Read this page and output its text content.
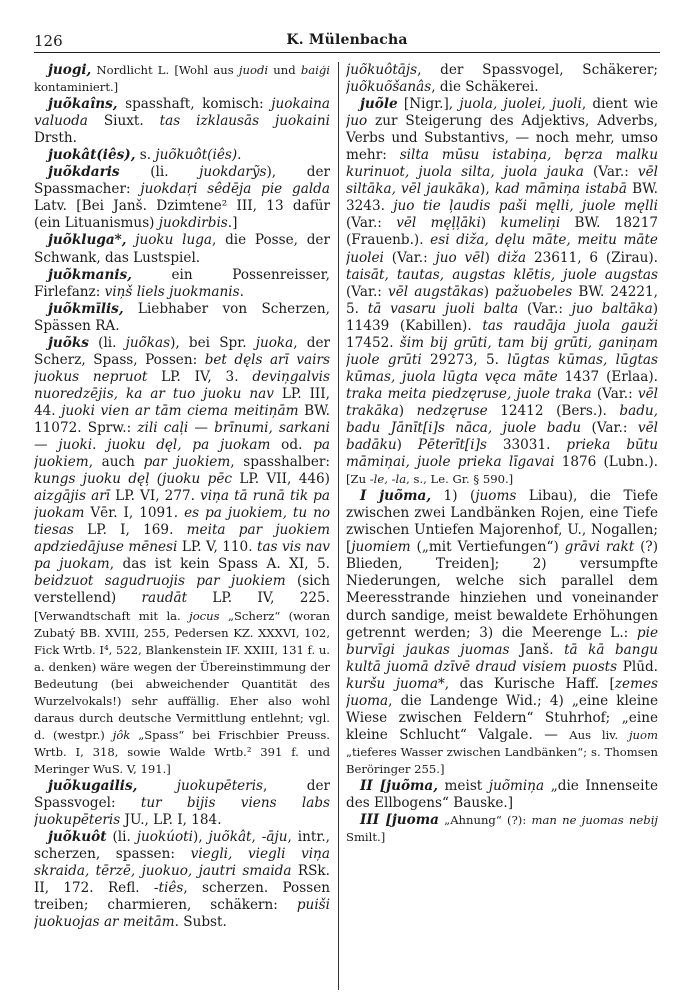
126	K. Mülenbacha

juogi, Nordlicht L. [Wohl aus juodi und baiģi kontaminiert.]

juõkaîns, spasshaft, komisch: juokaina valuoda Siuxt. tas izklausās juokaini Drsth.

juokât(iês), s. juõkuôt(iês).

juõkdaris (li. juokdarỹs), der Spassmacher: juokdaŗi sêdēja pie galda Latv. [Bei Janš. Dzimtene² III, 13 dafür (ein Lituanismus) juokdirbis.]

juõkluga*, juoku luga, die Posse, der Schwank, das Lustspiel.

juõkmanis, ein Possenreisser, Firlefanz: viņš liels juokmanis.

juõkmīlis, Liebhaber von Scherzen, Spässen RA.

juõks (li. juõkas), bei Spr. juoka, der Scherz, Spass, Possen: bet dęls arī vairs juokus nepruot LP. IV, 3. deviņgalvis nuoredzējis, ka ar tuo juoku nav LP. III, 44. juoki vien ar tām ciema meitiņām BW. 11072. Sprw.: zili caļi — brīnumi, sarkani — juoki. juoku dęl, pa juokam od. pa juokiem, auch par juokiem, spasshalber: kungs juoku dęļ (juoku pēc LP. VII, 446) aizgājis arī LP. VI, 277. viņa tā runā tik pa juokam Vēr. I, 1091. es pa juokiem, tu no tiesas LP. I, 169. meita par juokiem apdziedājuse mēnesi LP. V, 110. tas vis nav pa juokam, das ist kein Spass A. XI, 5. beidzuot sagudruojis par juokiem (sich verstellend) raudāt LP. IV, 225. [Verwandtschaft mit la. jocus „Scherz“ (woran Zubatý BB. XVIII, 255, Pedersen KZ. XXXVI, 102, Fick Wrtb. I⁴, 522, Blankenstein IF. XXIII, 131 f. u. a. denken) wäre wegen der Übereinstimmung der Bedeutung (bei abweichender Quantität des Wurzelvokals!) sehr auffällig. Eher also wohl daraus durch deutsche Vermittlung entlehnt; vgl. d. (westpr.) jôk „Spass“ bei Frischbier Preuss. Wrtb. I, 318, sowie Walde Wrtb.² 391 f. und Meringer WuS. V, 191.]

juõkugailis,	juokupēteris, der Spassvogel: tur bijis viens labs juokupēteris JU., LP. I, 184.

juõkuôt (li. juokúoti), juõkât, -āju, intr., scherzen, spassen: viegli, viegli viņa skraida, tērzē, juokuo, jautri smaida RSk. II, 172. Refl. -tiês, scherzen. Possen treiben; charmieren, schäkern: puiši juokuojas ar meitām. Subst.

juõkuôtājs, der Spassvogel, Schäkerer; juõkuõšanâs, die Schäkerei.

juõle [Nigr.], juola, juolei, juoli, dient wie juo zur Steigerung des Adjektivs, Adverbs, Verbs und Substantivs, — noch mehr, umso mehr: silta mūsu istabiņa, bęrza malku kurinuot, juola silta, juola jauka (Var.: vēl siltāka, vēl jaukāka), kad māmiņa istabā BW. 3243. juo tie ļaudis paši męlli, juole męlli (Var.: vēl męļļāki) kumeliņi BW. 18217 (Frauenb.). esi diža, dęlu māte, meitu māte juolei (Var.: juo vēl) diža 23611, 6 (Zirau). taisāt, tautas, augstas klētis, juole augstas (Var.: vēl augstākas) pažuobeles BW. 24221, 5. tā vasaru juoli balta (Var.: juo baltāka) 11439 (Kabillen). tas raudāja juola gauži 17452. šim bij grūti, tam bij grūti, ganiņam juole grūti 29273, 5. lūgtas kūmas, lūgtas kūmas, juola lūgta vęca māte 1437 (Erlaa). traka meita piedzęruse, juole traka (Var.: vēl trakāka) nedzęruse 12412 (Bers.). badu, badu Jānīt[i]s nāca, juole badu (Var.: vēl badāku) Pēterīt[i]s 33031. prieka būtu māmiņai, juole prieka līgavai 1876 (Lubn.). [Zu -le, -la, s., Le. Gr. § 590.]

I juõma, 1) (juoms Libau), die Tiefe zwischen zwei Landbänken Rojen, eine Tiefe zwischen Untiefen Majorenhof, U., Nogallen; [juomiem („mit Vertiefungen“) grāvi rakt (?) Blieden, Treiden]; 2) versumpfte Niederungen, welche sich parallel dem Meeresstrande hinziehen und voneinander durch sandige, meist bewaldete Erhöhungen getrennt werden; 3) die Meerenge L.: pie burvīgi jaukas juomas Janš. tā kā bangu kultā juomā dzīvē draud visiem puosts Plūd. kuršu juoma*, das Kurische Haff. [zemes juoma, die Landenge Wid.; 4) „eine kleine Wiese zwischen Feldern“ Stuhrhof; „eine kleine Schlucht“ Valgale. — Aus liv. juom „tieferes Wasser zwischen Landbänken“; s. Thomsen Beröringer 255.]

II [juõma, meist juõmiņa „die Innenseite des Ellbogens“ Bauske.]

III [juoma „Ahnung“ (?): man ne juomas nebij Smilt.]
